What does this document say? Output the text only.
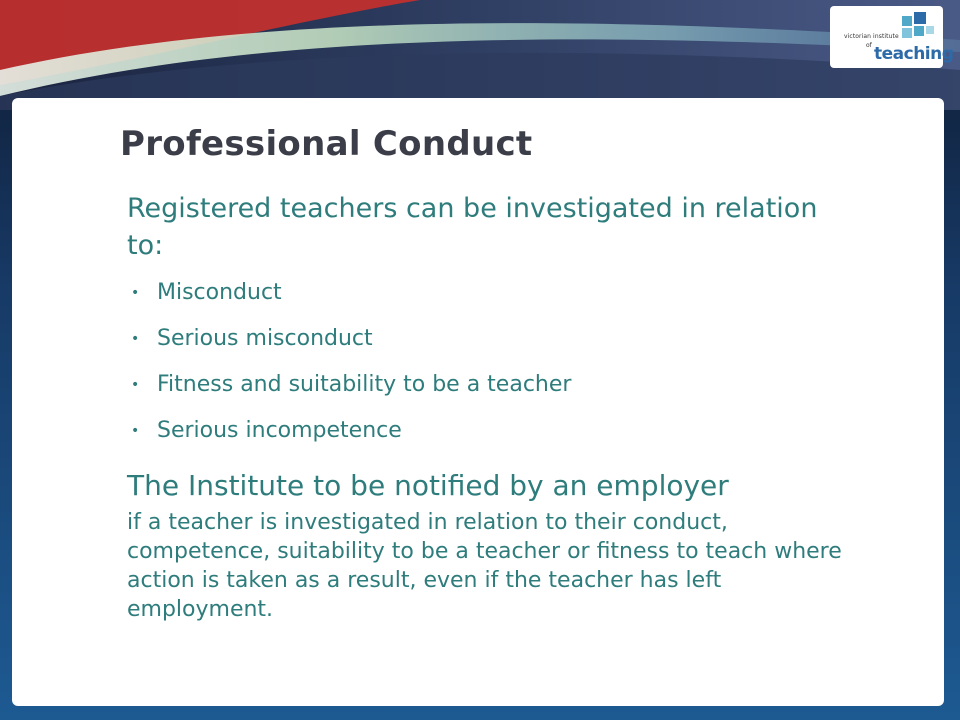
victorian institute
of teaching
Professional Conduct
Registered teachers can be investigated in relation to:
• Misconduct
• Serious misconduct
• Fitness and suitability to be a teacher
• Serious incompetence
The Institute to be notified by an employer
if a teacher is investigated in relation to their conduct, competence, suitability to be a teacher or fitness to teach where action is taken as a result, even if the teacher has left employment.
